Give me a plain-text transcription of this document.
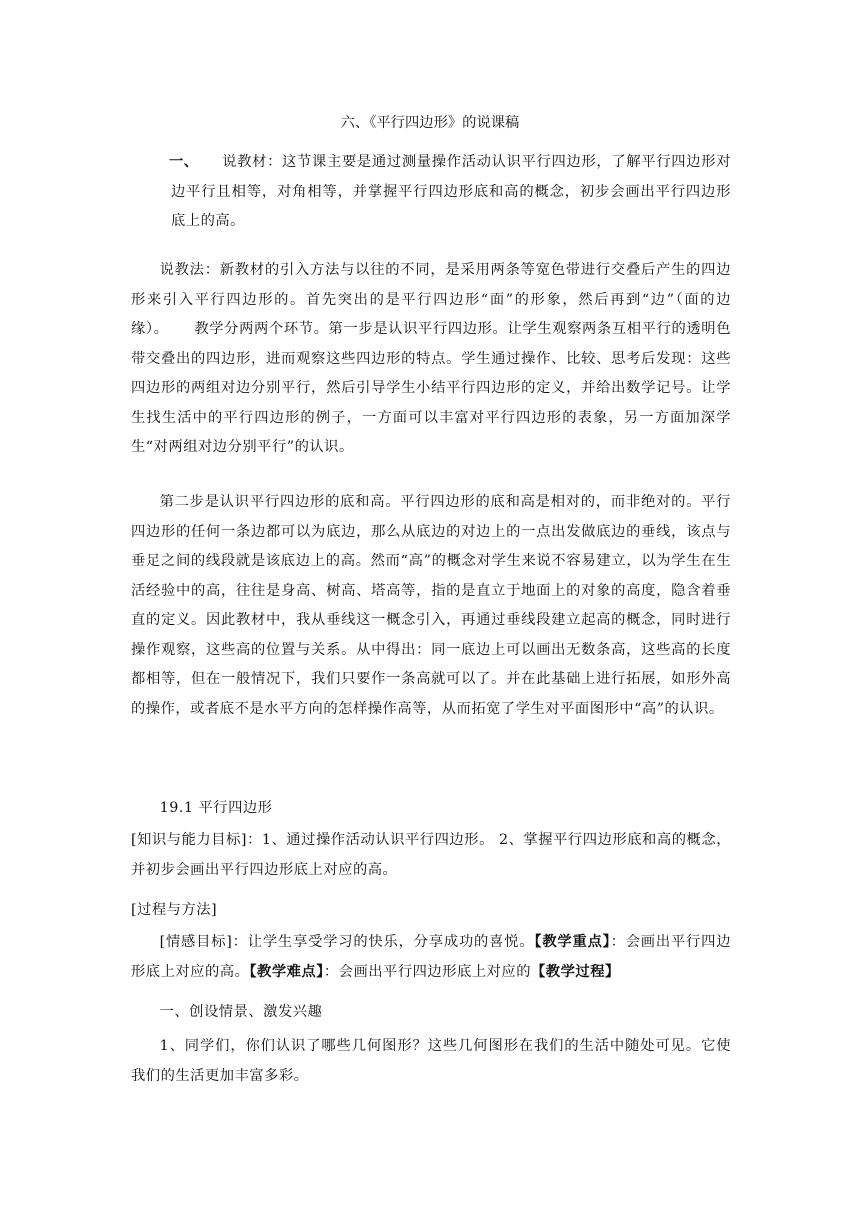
六、《平行四边形》的说课稿
一、 说教材：这节课主要是通过测量操作活动认识平行四边形，了解平行四边形对边平行且相等，对角相等，并掌握平行四边形底和高的概念，初步会画出平行四边形底上的高。
说教法：新教材的引入方法与以往的不同，是采用两条等宽色带进行交叠后产生的四边形来引入平行四边形的。首先突出的是平行四边形“面”的形象，然后再到“边”（面的边缘）。     教学分两两个环节。第一步是认识平行四边形。让学生观察两条互相平行的透明色带交叠出的四边形，进而观察这些四边形的特点。学生通过操作、比较、思考后发现：这些四边形的两组对边分别平行，然后引导学生小结平行四边形的定义，并给出数学记号。让学生找生活中的平行四边形的例子，一方面可以丰富对平行四边形的表象，另一方面加深学生“对两组对边分别平行”的认识。
第二步是认识平行四边形的底和高。平行四边形的底和高是相对的，而非绝对的。平行四边形的任何一条边都可以为底边，那么从底边的对边上的一点出发做底边的垂线，该点与垂足之间的线段就是该底边上的高。然而“高”的概念对学生来说不容易建立，以为学生在生活经验中的高，往往是身高、树高、塔高等，指的是直立于地面上的对象的高度，隐含着垂直的定义。因此教材中，我从垂线这一概念引入，再通过垂线段建立起高的概念，同时进行操作观察，这些高的位置与关系。从中得出：同一底边上可以画出无数条高，这些高的长度都相等，但在一般情况下，我们只要作一条高就可以了。并在此基础上进行拓展，如形外高的操作，或者底不是水平方向的怎样操作高等，从而拓宽了学生对平面图形中“高”的认识。
19.1 平行四边形
[知识与能力目标]：1、通过操作活动认识平行四边形。 2、掌握平行四边形底和高的概念，并初步会画出平行四边形底上对应的高。
[过程与方法]
[情感目标]：让学生享受学习的快乐，分享成功的喜悦。【教学重点】：会画出平行四边形底上对应的高。【教学难点】：会画出平行四边形底上对应的【教学过程】
一、创设情景、激发兴趣
1、同学们，你们认识了哪些几何图形？这些几何图形在我们的生活中随处可见。它使我们的生活更加丰富多彩。
